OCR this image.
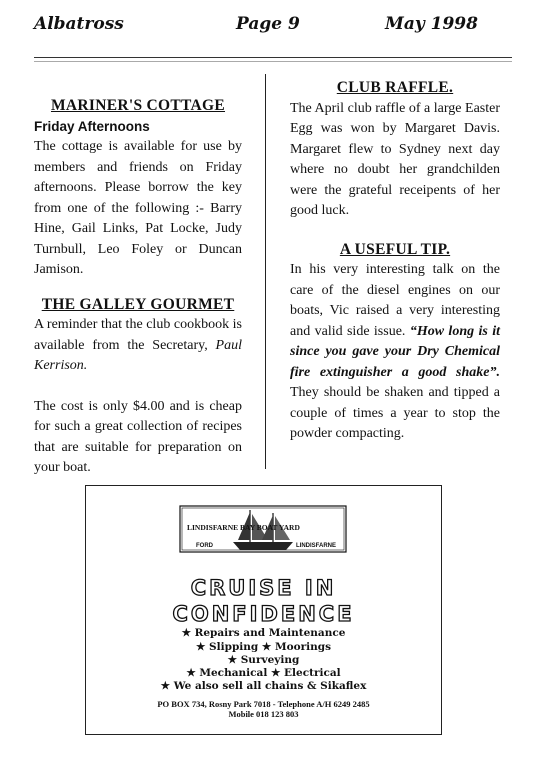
Albatross	Page 9	May 1998
MARINER'S COTTAGE
Friday Afternoons
The cottage is available for use by members and friends on Friday afternoons. Please borrow the key from one of the following :- Barry Hine, Gail Links, Pat Locke, Judy Turnbull, Leo Foley or Duncan Jamison.
THE GALLEY GOURMET
A reminder that the club cookbook is available from the Secretary, Paul Kerrison.
The cost is only $4.00 and is cheap for such a great collection of recipes that are suitable for preparation on your boat.
CLUB RAFFLE.
The April club raffle of a large Easter Egg was won by Margaret Davis. Margaret flew to Sydney next day where no doubt her grandchilden were the grateful receipents of her good luck.
A USEFUL TIP.
In his very interesting talk on the care of the diesel engines on our boats, Vic raised a very interesting and valid side issue. “How long is it since you gave your Dry Chemical fire extinguisher a good shake”. They should be shaken and tipped a couple of times a year to stop the powder compacting.
LINDISFARNE BAY BOAT YARD
FORD	LINDISFARNE
CRUISE IN
CONFIDENCE
★ Repairs and Maintenance
★ Slipping ★ Moorings
★ Surveying
★ Mechanical ★ Electrical
★ We also sell all chains & Sikaflex
PO BOX 734, Rosny Park 7018 - Telephone A/H 6249 2485
Mobile 018 123 803
